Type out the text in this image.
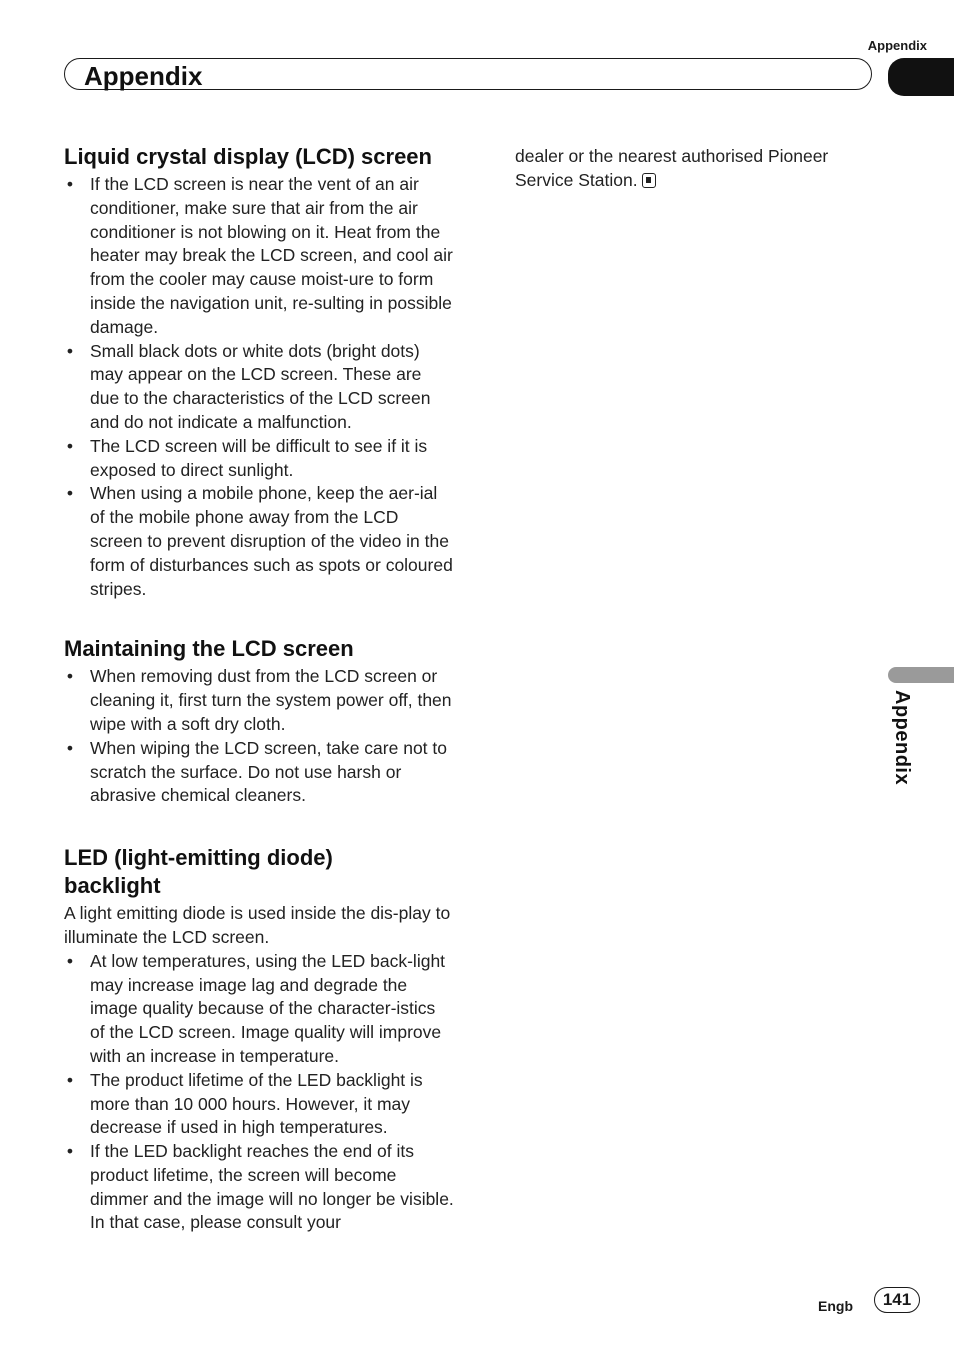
Appendix
Appendix
Appendix
Liquid crystal display (LCD) screen
• If the LCD screen is near the vent of an air conditioner, make sure that air from the air conditioner is not blowing on it. Heat from the heater may break the LCD screen, and cool air from the cooler may cause moist-ure to form inside the navigation unit, re-sulting in possible damage.
• Small black dots or white dots (bright dots) may appear on the LCD screen. These are due to the characteristics of the LCD screen and do not indicate a malfunction.
• The LCD screen will be difficult to see if it is exposed to direct sunlight.
• When using a mobile phone, keep the aer-ial of the mobile phone away from the LCD screen to prevent disruption of the video in the form of disturbances such as spots or coloured stripes.
Maintaining the LCD screen
• When removing dust from the LCD screen or cleaning it, first turn the system power off, then wipe with a soft dry cloth.
• When wiping the LCD screen, take care not to scratch the surface. Do not use harsh or abrasive chemical cleaners.
LED (light-emitting diode)
backlight

A light emitting diode is used inside the dis-play to illuminate the LCD screen.

• At low temperatures, using the LED back-light may increase image lag and degrade the image quality because of the character-istics of the LCD screen. Image quality will improve with an increase in temperature.
• The product lifetime of the LED backlight is more than 10 000 hours. However, it may decrease if used in high temperatures.
• If the LED backlight reaches the end of its product lifetime, the screen will become dimmer and the image will no longer be visible. In that case, please consult your

dealer or the nearest authorised Pioneer Service Station.

Engb	141
